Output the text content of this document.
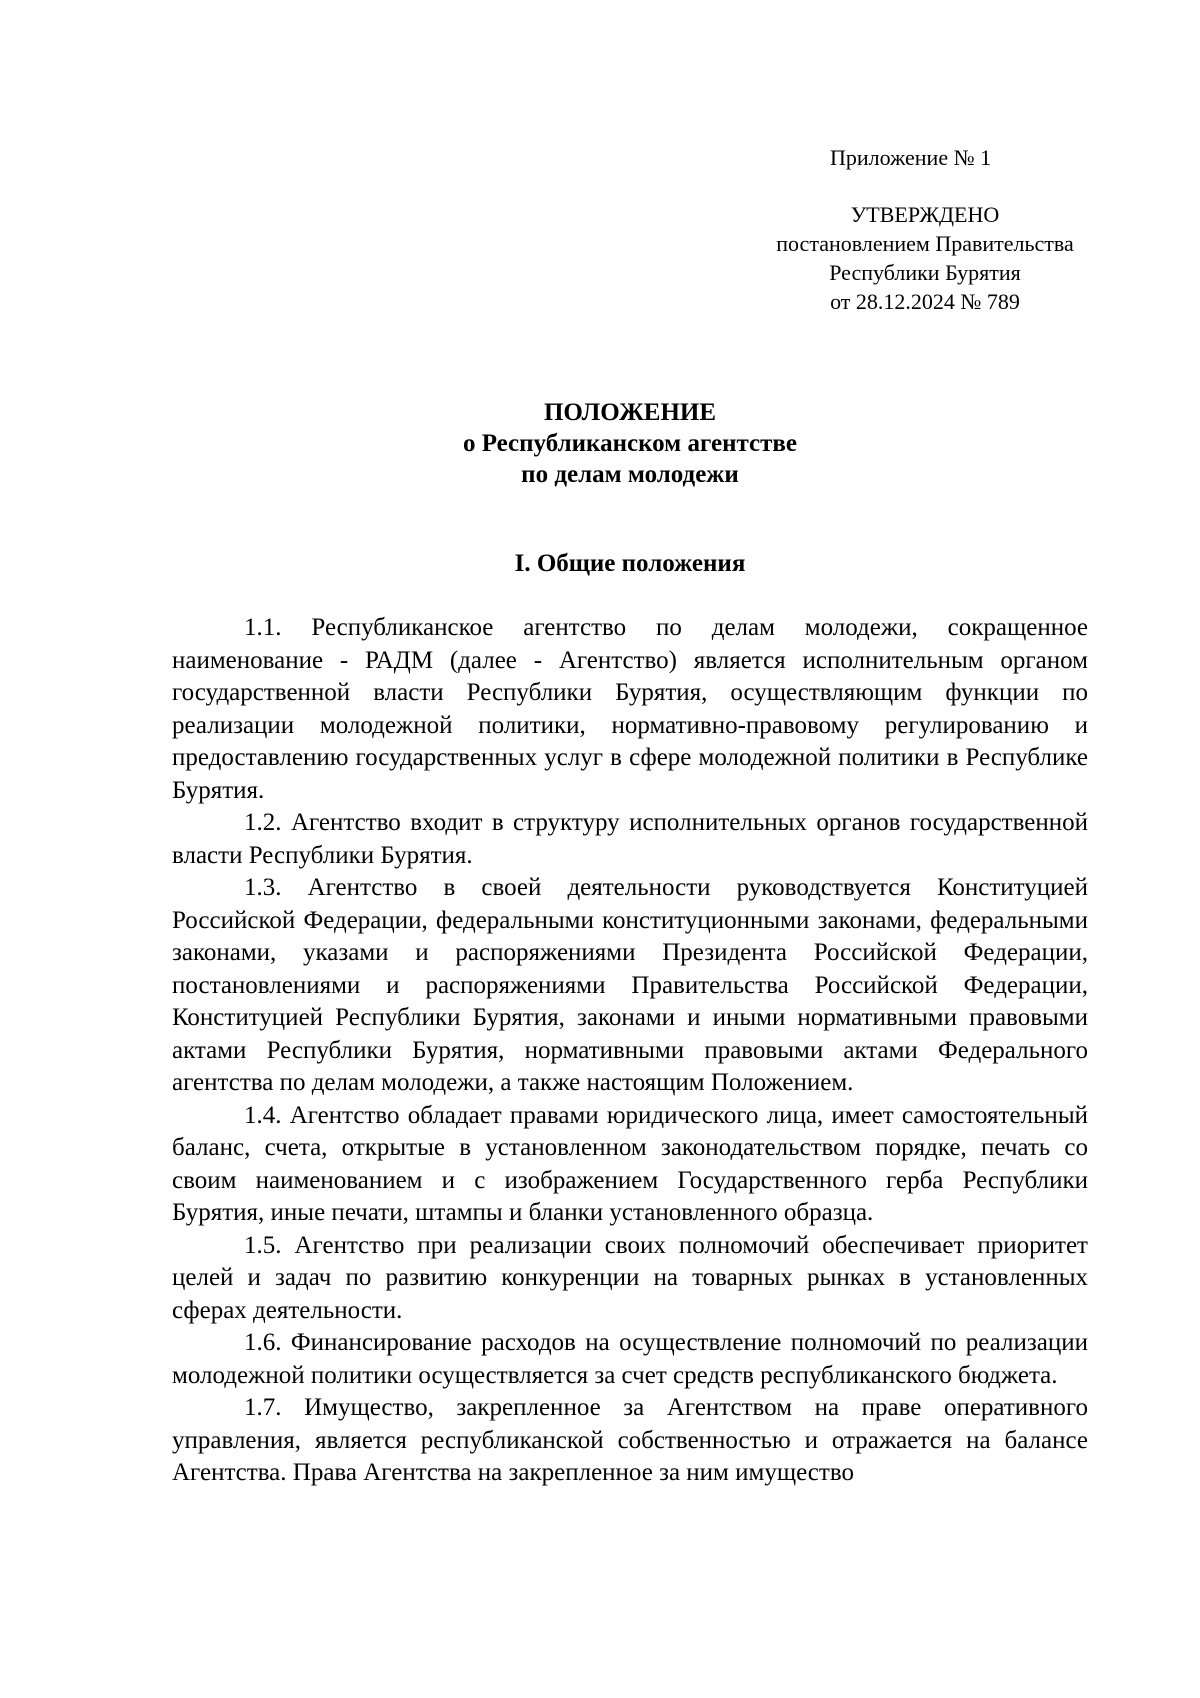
Приложение № 1
УТВЕРЖДЕНО
постановлением Правительства
Республики Бурятия
от 28.12.2024 № 789
ПОЛОЖЕНИЕ
о Республиканском агентстве
по делам молодежи
I. Общие положения

1.1. Республиканское агентство по делам молодежи, сокращенное наименование - РАДМ (далее - Агентство) является исполнительным органом государственной власти Республики Бурятия, осуществляющим функции по реализации молодежной политики, нормативно-правовому регулированию и предоставлению государственных услуг в сфере молодежной политики в Республике Бурятия.

1.2. Агентство входит в структуру исполнительных органов государственной власти Республики Бурятия.

1.3. Агентство в своей деятельности руководствуется Конституцией Российской Федерации, федеральными конституционными законами, федеральными законами, указами и распоряжениями Президента Российской Федерации, постановлениями и распоряжениями Правительства Российской Федерации, Конституцией Республики Бурятия, законами и иными нормативными правовыми актами Республики Бурятия, нормативными правовыми актами Федерального агентства по делам молодежи, а также настоящим Положением.

1.4. Агентство обладает правами юридического лица, имеет самостоятельный баланс, счета, открытые в установленном законодательством порядке, печать со своим наименованием и с изображением Государственного герба Республики Бурятия, иные печати, штампы и бланки установленного образца.

1.5. Агентство при реализации своих полномочий обеспечивает приоритет целей и задач по развитию конкуренции на товарных рынках в установленных сферах деятельности.

1.6. Финансирование расходов на осуществление полномочий по реализации молодежной политики осуществляется за счет средств республиканского бюджета.

1.7. Имущество, закрепленное за Агентством на праве оперативного управления, является республиканской собственностью и отражается на балансе Агентства. Права Агентства на закрепленное за ним имущество
